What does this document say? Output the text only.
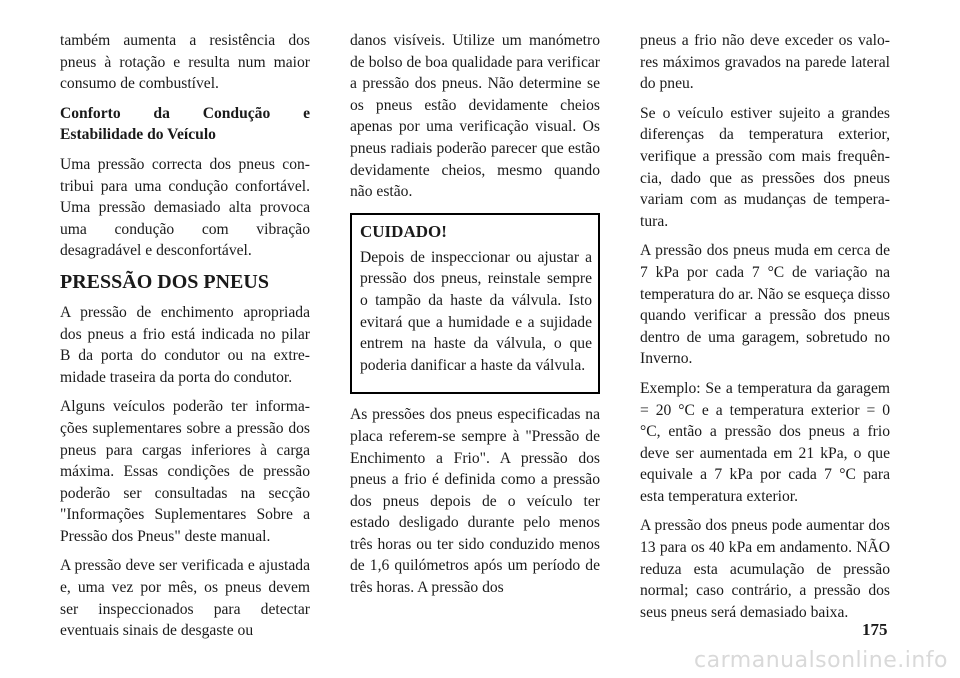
também aumenta a resistência dos pneus à rotação e resulta num maior consumo de combustível.

Conforto da Condução e Estabilidade do Veículo

Uma pressão correcta dos pneus contribui para uma condução confortável. Uma pressão demasiado alta provoca uma condução com vibração desagradável e desconfortável.

PRESSÃO DOS PNEUS

A pressão de enchimento apropriada dos pneus a frio está indicada no pilar B da porta do condutor ou na extremidade traseira da porta do condutor.

Alguns veículos poderão ter informações suplementares sobre a pressão dos pneus para cargas inferiores à carga máxima. Essas condições de pressão poderão ser consultadas na secção "Informações Suplementares Sobre a Pressão dos Pneus" deste manual.

A pressão deve ser verificada e ajustada e, uma vez por mês, os pneus devem ser inspeccionados para detectar eventuais sinais de desgaste ou

danos visíveis. Utilize um manómetro de bolso de boa qualidade para verificar a pressão dos pneus. Não determine se os pneus estão devidamente cheios apenas por uma verificação visual. Os pneus radiais poderão parecer que estão devidamente cheios, mesmo quando não estão.

CUIDADO!

Depois de inspeccionar ou ajustar a pressão dos pneus, reinstale sempre o tampão da haste da válvula. Isto evitará que a humidade e a sujidade entrem na haste da válvula, o que poderia danificar a haste da válvula.

As pressões dos pneus especificadas na placa referem-se sempre à "Pressão de Enchimento a Frio". A pressão dos pneus a frio é definida como a pressão dos pneus depois de o veículo ter estado desligado durante pelo menos três horas ou ter sido conduzido menos de 1,6 quilómetros após um período de três horas. A pressão dos

pneus a frio não deve exceder os valores máximos gravados na parede lateral do pneu.

Se o veículo estiver sujeito a grandes diferenças da temperatura exterior, verifique a pressão com mais frequência, dado que as pressões dos pneus variam com as mudanças de temperatura.

A pressão dos pneus muda em cerca de 7 kPa por cada 7 °C de variação na temperatura do ar. Não se esqueça disso quando verificar a pressão dos pneus dentro de uma garagem, sobretudo no Inverno.

Exemplo: Se a temperatura da garagem = 20 °C e a temperatura exterior = 0 °C, então a pressão dos pneus a frio deve ser aumentada em 21 kPa, o que equivale a 7 kPa por cada 7 °C para esta temperatura exterior.

A pressão dos pneus pode aumentar dos 13 para os 40 kPa em andamento. NÃO reduza esta acumulação de pressão normal; caso contrário, a pressão dos seus pneus será demasiado baixa.

175
carmanualsonline.info
